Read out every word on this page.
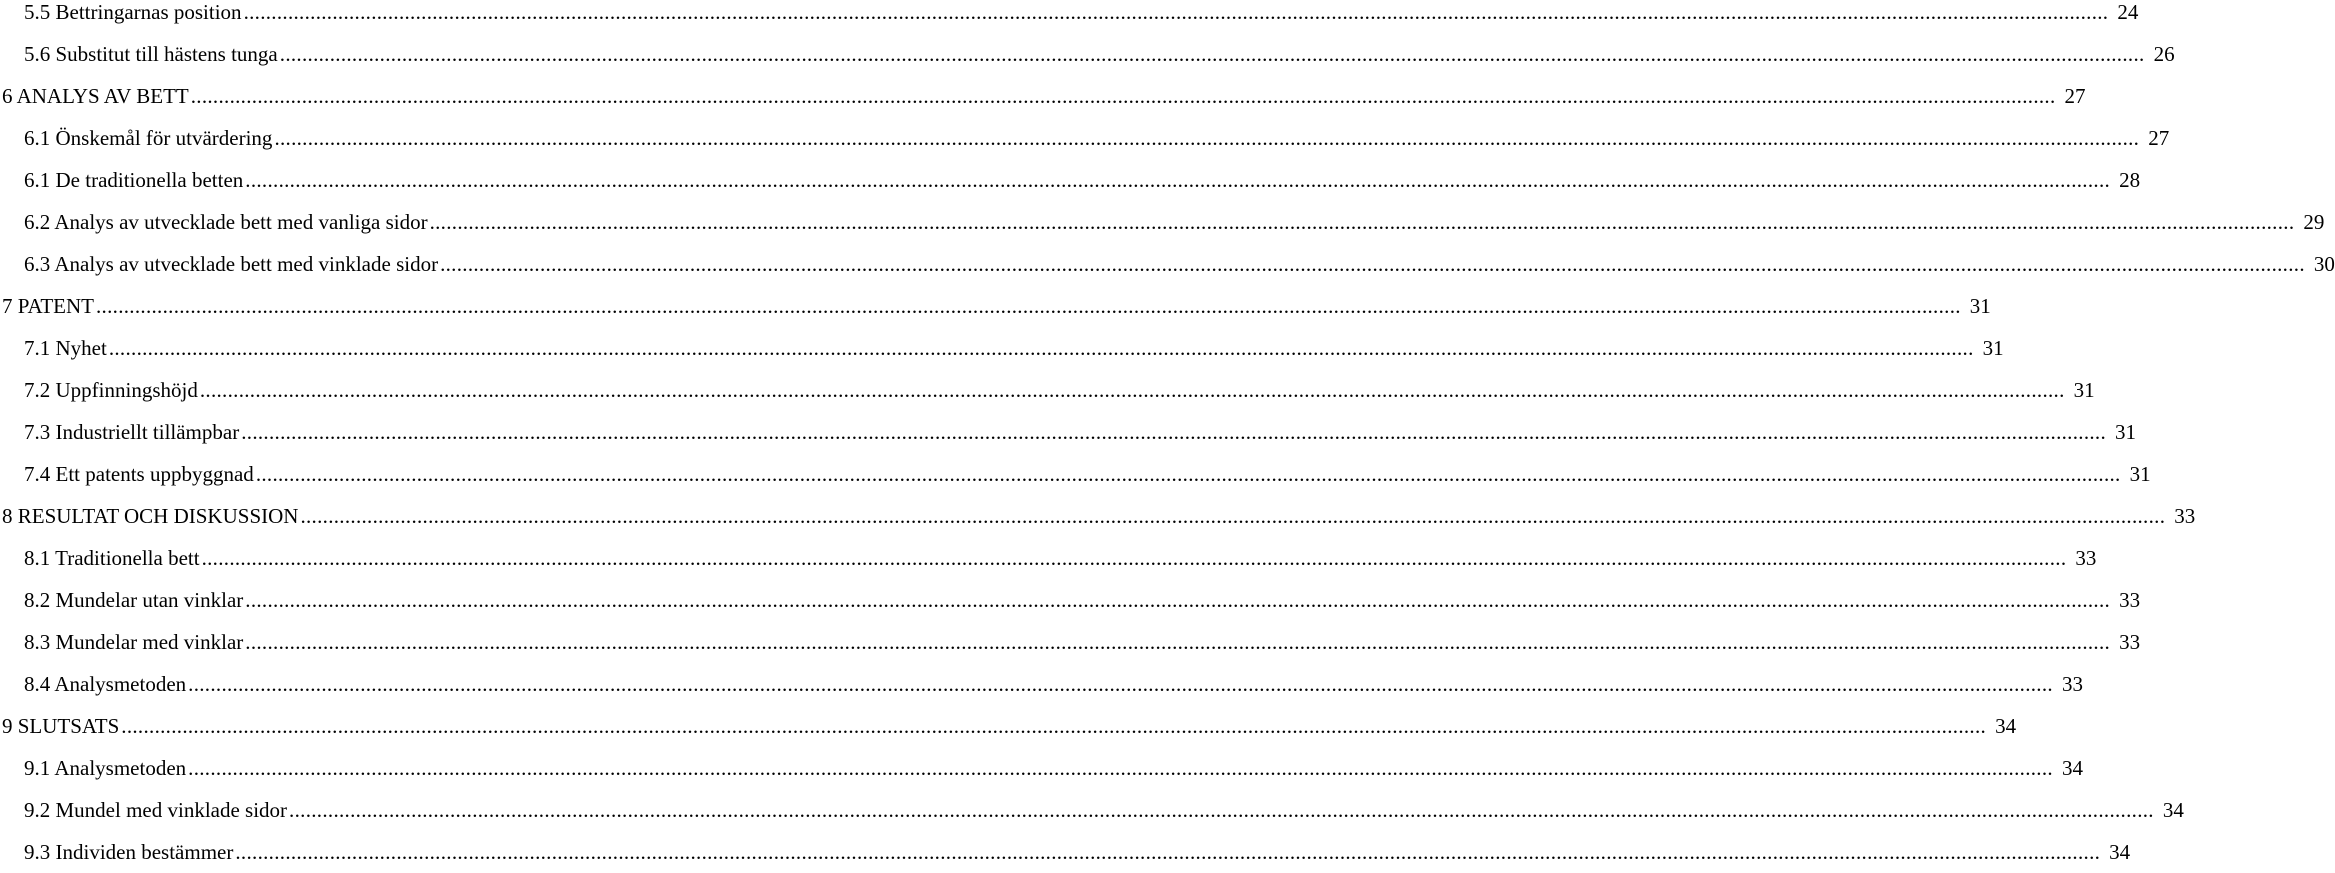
5.5 Bettringarnas position .....	24
5.6 Substitut till hästens tunga .....	26
6 ANALYS AV BETT .....	27
6.1 Önskemål för utvärdering .....	27
6.1 De traditionella betten .....	28
6.2 Analys av utvecklade bett med vanliga sidor .....	29
6.3 Analys av utvecklade bett med vinklade sidor .....	30
7 PATENT .....	31
7.1 Nyhet .....	31
7.2 Uppfinningshöjd .....	31
7.3 Industriellt tillämpbar .....	31
7.4 Ett patents uppbyggnad .....	31
8 RESULTAT OCH DISKUSSION .....	33
8.1 Traditionella bett .....	33
8.2 Mundelar utan vinklar .....	33
8.3 Mundelar med vinklar .....	33
8.4 Analysmetoden .....	33
9 SLUTSATS .....	34
9.1 Analysmetoden .....	34
9.2 Mundel med vinklade sidor .....	34
9.3 Individen bestämmer .....	34
